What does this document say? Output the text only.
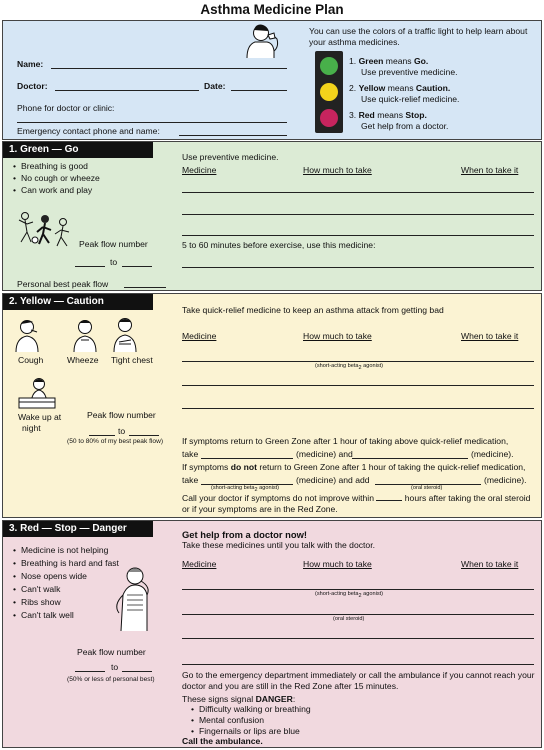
Asthma Medicine Plan
Name:
Doctor:	Date:
Phone for doctor or clinic:
Emergency contact phone and name:
You can use the colors of a traffic light to help learn about your asthma medicines.
1. Green means Go.
Use preventive medicine.
2. Yellow means Caution.
Use quick-relief medicine.
3. Red means Stop.
Get help from a doctor.
1. Green — Go
• Breathing is good
• No cough or wheeze
• Can work and play
Peak flow number
to
Personal best peak flow
Use preventive medicine.
Medicine	How much to take	When to take it
5 to 60 minutes before exercise, use this medicine:
2. Yellow — Caution
Cough	Wheeze Tight chest
Wake up at
night
Peak flow number
to
(50 to 80% of my best peak flow)
Take quick-relief medicine to keep an asthma attack from getting bad
Medicine	How much to take	When to take it
(short-acting beta$_2$ agonist)
If symptoms return to Green Zone after 1 hour of taking above quick-relief medication,
take	(medicine) and	(medicine).
If symptoms do not return to Green Zone after 1 hour of taking the quick-relief medication,
take	(medicine) and add	(medicine).
(short-acting beta$_2$ agonist)	(oral steroid)
Call your doctor if symptoms do not improve within	hours after taking the oral steroid
or if your symptoms are in the Red Zone.
3. Red — Stop — Danger
• Medicine is not helping
• Breathing is hard and fast
• Nose opens wide
• Can't walk
• Ribs show
• Can't talk well
Peak flow number
to
(50% or less of personal best)
Get help from a doctor now!
Take these medicines until you talk with the doctor.
Medicine	How much to take	When to take it
(short-acting beta$_2$ agonist)
(oral steroid)
Go to the emergency department immediately or call the ambulance if you cannot reach your doctor and you are still in the Red Zone after 15 minutes.
These signs signal DANGER:
• Difficulty walking or breathing
• Mental confusion
• Fingernails or lips are blue
Call the ambulance.
